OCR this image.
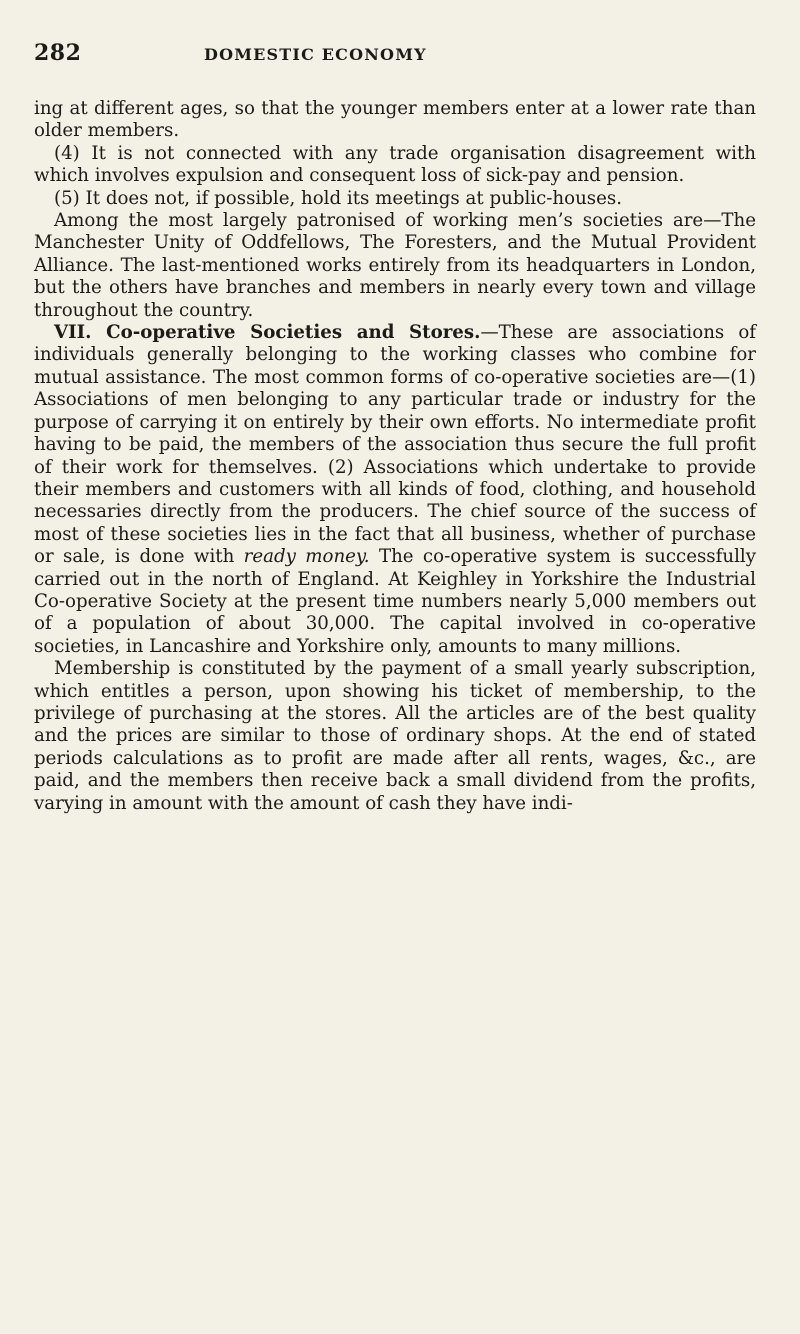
282	DOMESTIC ECONOMY

ing at different ages, so that the younger members enter at a lower rate than older members.

(4) It is not connected with any trade organisation disagreement with which involves expulsion and consequent loss of sick-pay and pension.

(5) It does not, if possible, hold its meetings at public-houses.

Among the most largely patronised of working men’s societies are—The Manchester Unity of Oddfellows, The Foresters, and the Mutual Provident Alliance. The last-mentioned works entirely from its headquarters in London, but the others have branches and members in nearly every town and village throughout the country.

VII. Co-operative Societies and Stores.—These are associations of individuals generally belonging to the working classes who combine for mutual assistance. The most common forms of co-operative societies are—(1) Associations of men belonging to any particular trade or industry for the purpose of carrying it on entirely by their own efforts. No intermediate profit having to be paid, the members of the association thus secure the full profit of their work for themselves. (2) Associations which undertake to provide their members and customers with all kinds of food, clothing, and household necessaries directly from the producers. The chief source of the success of most of these societies lies in the fact that all business, whether of purchase or sale, is done with ready money. The co-operative system is successfully carried out in the north of England. At Keighley in Yorkshire the Industrial Co-operative Society at the present time numbers nearly 5,000 members out of a population of about 30,000. The capital involved in co-operative societies, in Lancashire and Yorkshire only, amounts to many millions.

Membership is constituted by the payment of a small yearly subscription, which entitles a person, upon showing his ticket of membership, to the privilege of purchasing at the stores. All the articles are of the best quality and the prices are similar to those of ordinary shops. At the end of stated periods calculations as to profit are made after all rents, wages, &c., are paid, and the members then receive back a small dividend from the profits, varying in amount with the amount of cash they have indi-
